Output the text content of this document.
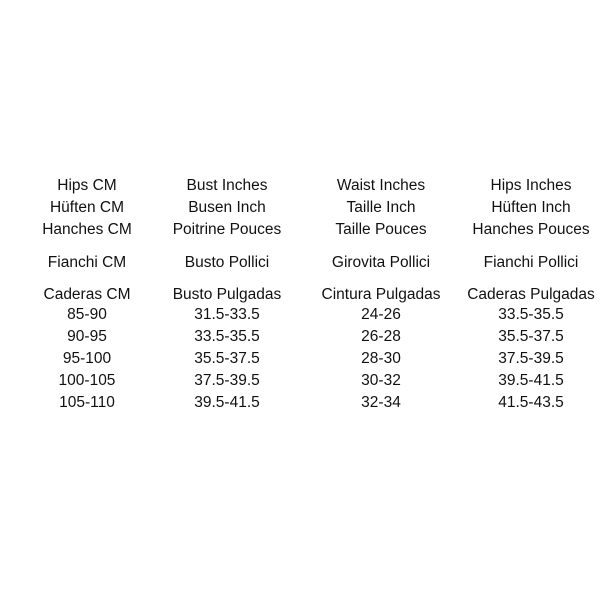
Hips CM
Hüften CM
Hanches CM
Fianchi CM
Caderas CM
85-90
90-95
95-100
100-105
105-110
Bust Inches
Busen Inch
Poitrine Pouces
Busto Pollici
Busto Pulgadas
31.5-33.5
33.5-35.5
35.5-37.5
37.5-39.5
39.5-41.5
Waist Inches
Taille Inch
Taille Pouces
Girovita Pollici
Cintura Pulgadas
24-26
26-28
28-30
30-32
32-34
Hips Inches
Hüften Inch
Hanches Pouces
Fianchi Pollici
Caderas Pulgadas
33.5-35.5
35.5-37.5
37.5-39.5
39.5-41.5
41.5-43.5
